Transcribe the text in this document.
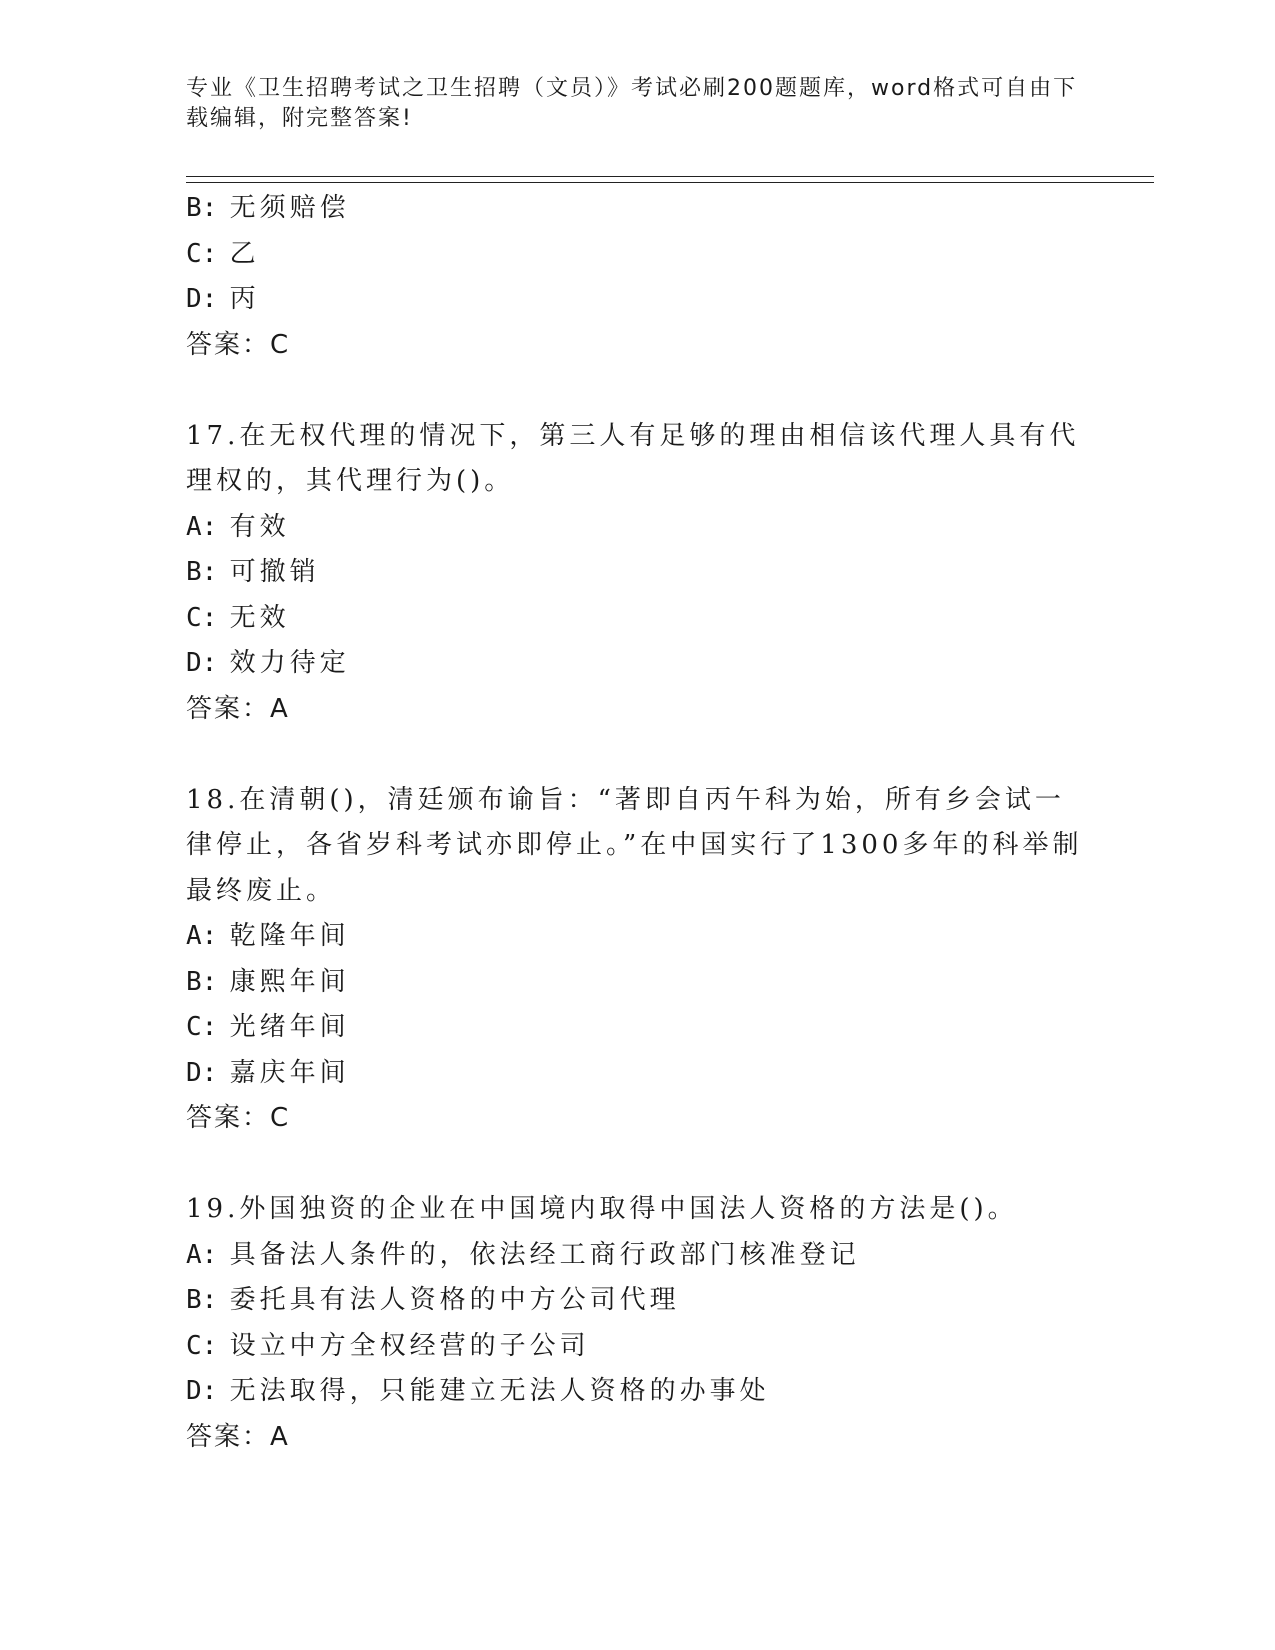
专业《卫生招聘考试之卫生招聘（文员）》考试必刷200题题库，word格式可自由下载编辑，附完整答案!
B: 无须赔偿
C: 乙
D: 丙
答案：C
17.在无权代理的情况下，第三人有足够的理由相信该代理人具有代理权的，其代理行为()。
A: 有效
B: 可撤销
C: 无效
D: 效力待定
答案：A
18.在清朝()，清廷颁布谕旨：“著即自丙午科为始，所有乡会试一律停止，各省岁科考试亦即停止。”在中国实行了1300多年的科举制最终废止。
A: 乾隆年间
B: 康熙年间
C: 光绪年间
D: 嘉庆年间
答案：C
19.外国独资的企业在中国境内取得中国法人资格的方法是()。
A: 具备法人条件的，依法经工商行政部门核准登记
B: 委托具有法人资格的中方公司代理
C: 设立中方全权经营的子公司
D: 无法取得，只能建立无法人资格的办事处
答案：A
